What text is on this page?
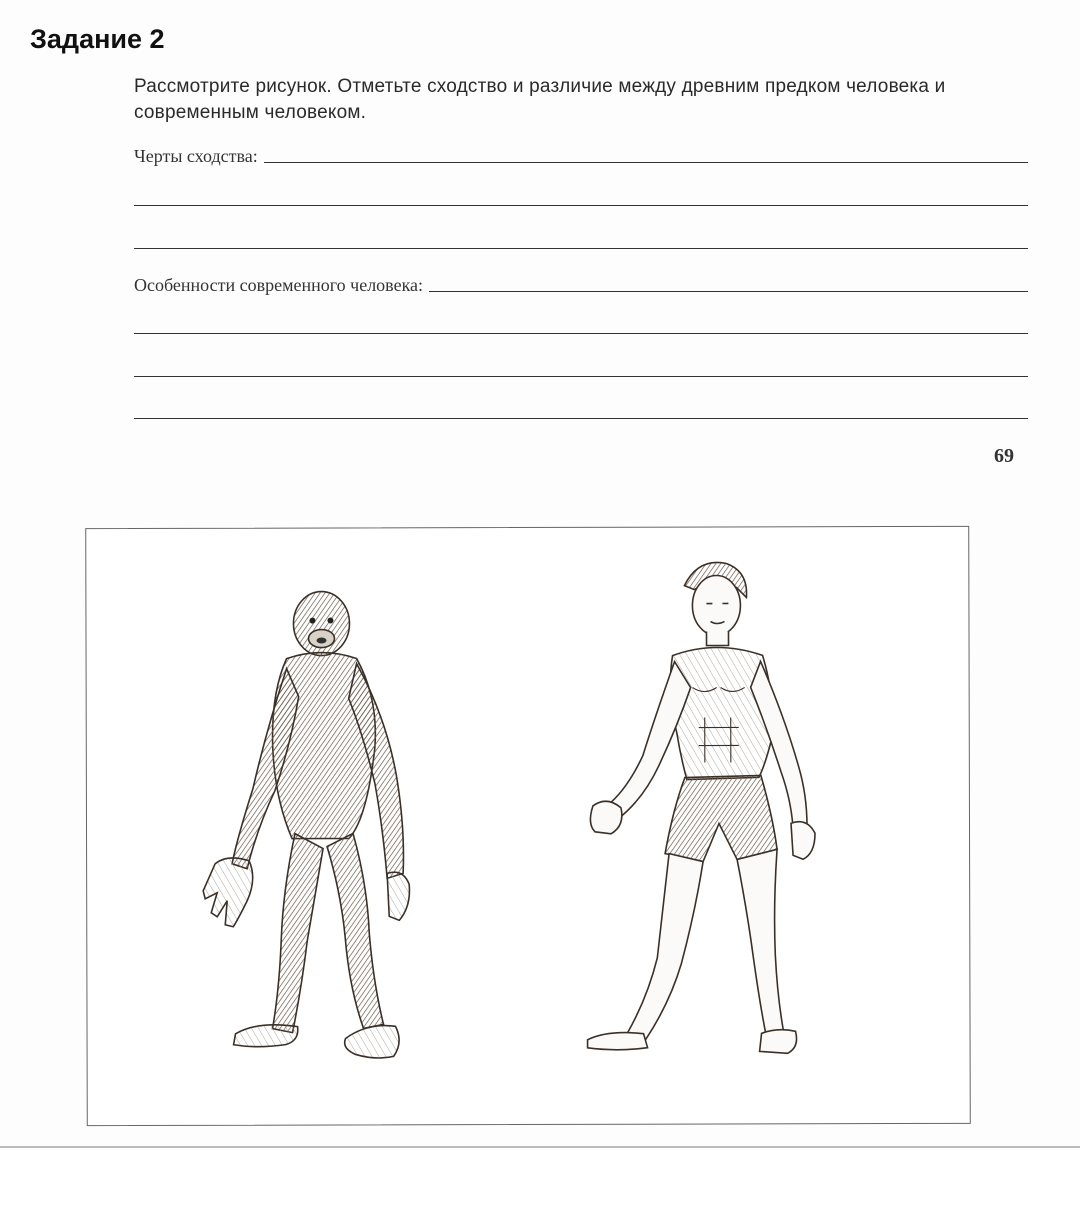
Задание 2
Рассмотрите рисунок. Отметьте сходство и различие между древним предком человека и современным человеком.
Черты сходства:
Особенности современного человека:
69
